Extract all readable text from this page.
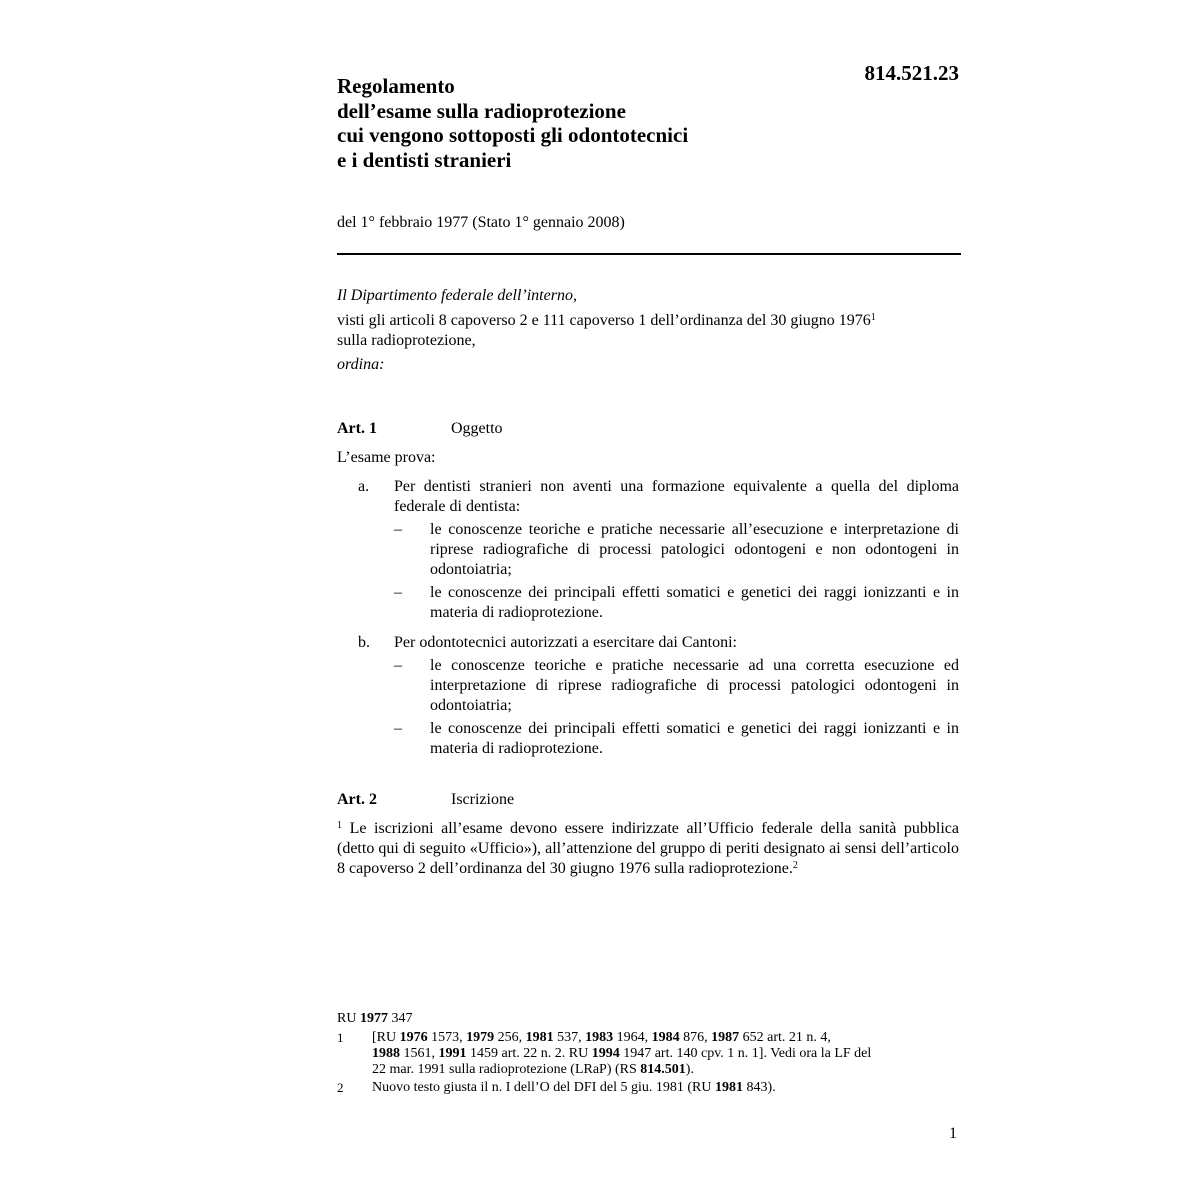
814.521.23
Regolamento
dell’esame sulla radioprotezione
cui vengono sottoposti gli odontotecnici
e i dentisti stranieri
del 1° febbraio 1977 (Stato 1° gennaio 2008)
Il Dipartimento federale dell’interno,
visti gli articoli 8 capoverso 2 e 111 capoverso 1 dell’ordinanza del 30 giugno 1976$^1$
sulla radioprotezione,
ordina:
Art. 1	Oggetto
L’esame prova:
a. Per dentisti stranieri non aventi una formazione equivalente a quella del diploma federale di dentista:
– le conoscenze teoriche e pratiche necessarie all’esecuzione e interpretazione di riprese radiografiche di processi patologici odontogeni e non odontogeni in odontoiatria;
– le conoscenze dei principali effetti somatici e genetici dei raggi ionizzanti e in materia di radioprotezione.
b. Per odontotecnici autorizzati a esercitare dai Cantoni:
– le conoscenze teoriche e pratiche necessarie ad una corretta esecuzione ed interpretazione di riprese radiografiche di processi patologici odontogeni in odontoiatria;
– le conoscenze dei principali effetti somatici e genetici dei raggi ionizzanti e in materia di radioprotezione.
Art. 2	Iscrizione
$^1$ Le iscrizioni all’esame devono essere indirizzate all’Ufficio federale della sanità pubblica (detto qui di seguito «Ufficio»), all’attenzione del gruppo di periti designato ai sensi dell’articolo 8 capoverso 2 dell’ordinanza del 30 giugno 1976 sulla radioprotezione.$^2$
RU 1977 347
1 [RU 1976 1573, 1979 256, 1981 537, 1983 1964, 1984 876, 1987 652 art. 21 n. 4,
1988 1561, 1991 1459 art. 22 n. 2. RU 1994 1947 art. 140 cpv. 1 n. 1]. Vedi ora la LF del
22 mar. 1991 sulla radioprotezione (LRaP) (RS 814.501).
2 Nuovo testo giusta il n. I dell’O del DFI del 5 giu. 1981 (RU 1981 843).
1
